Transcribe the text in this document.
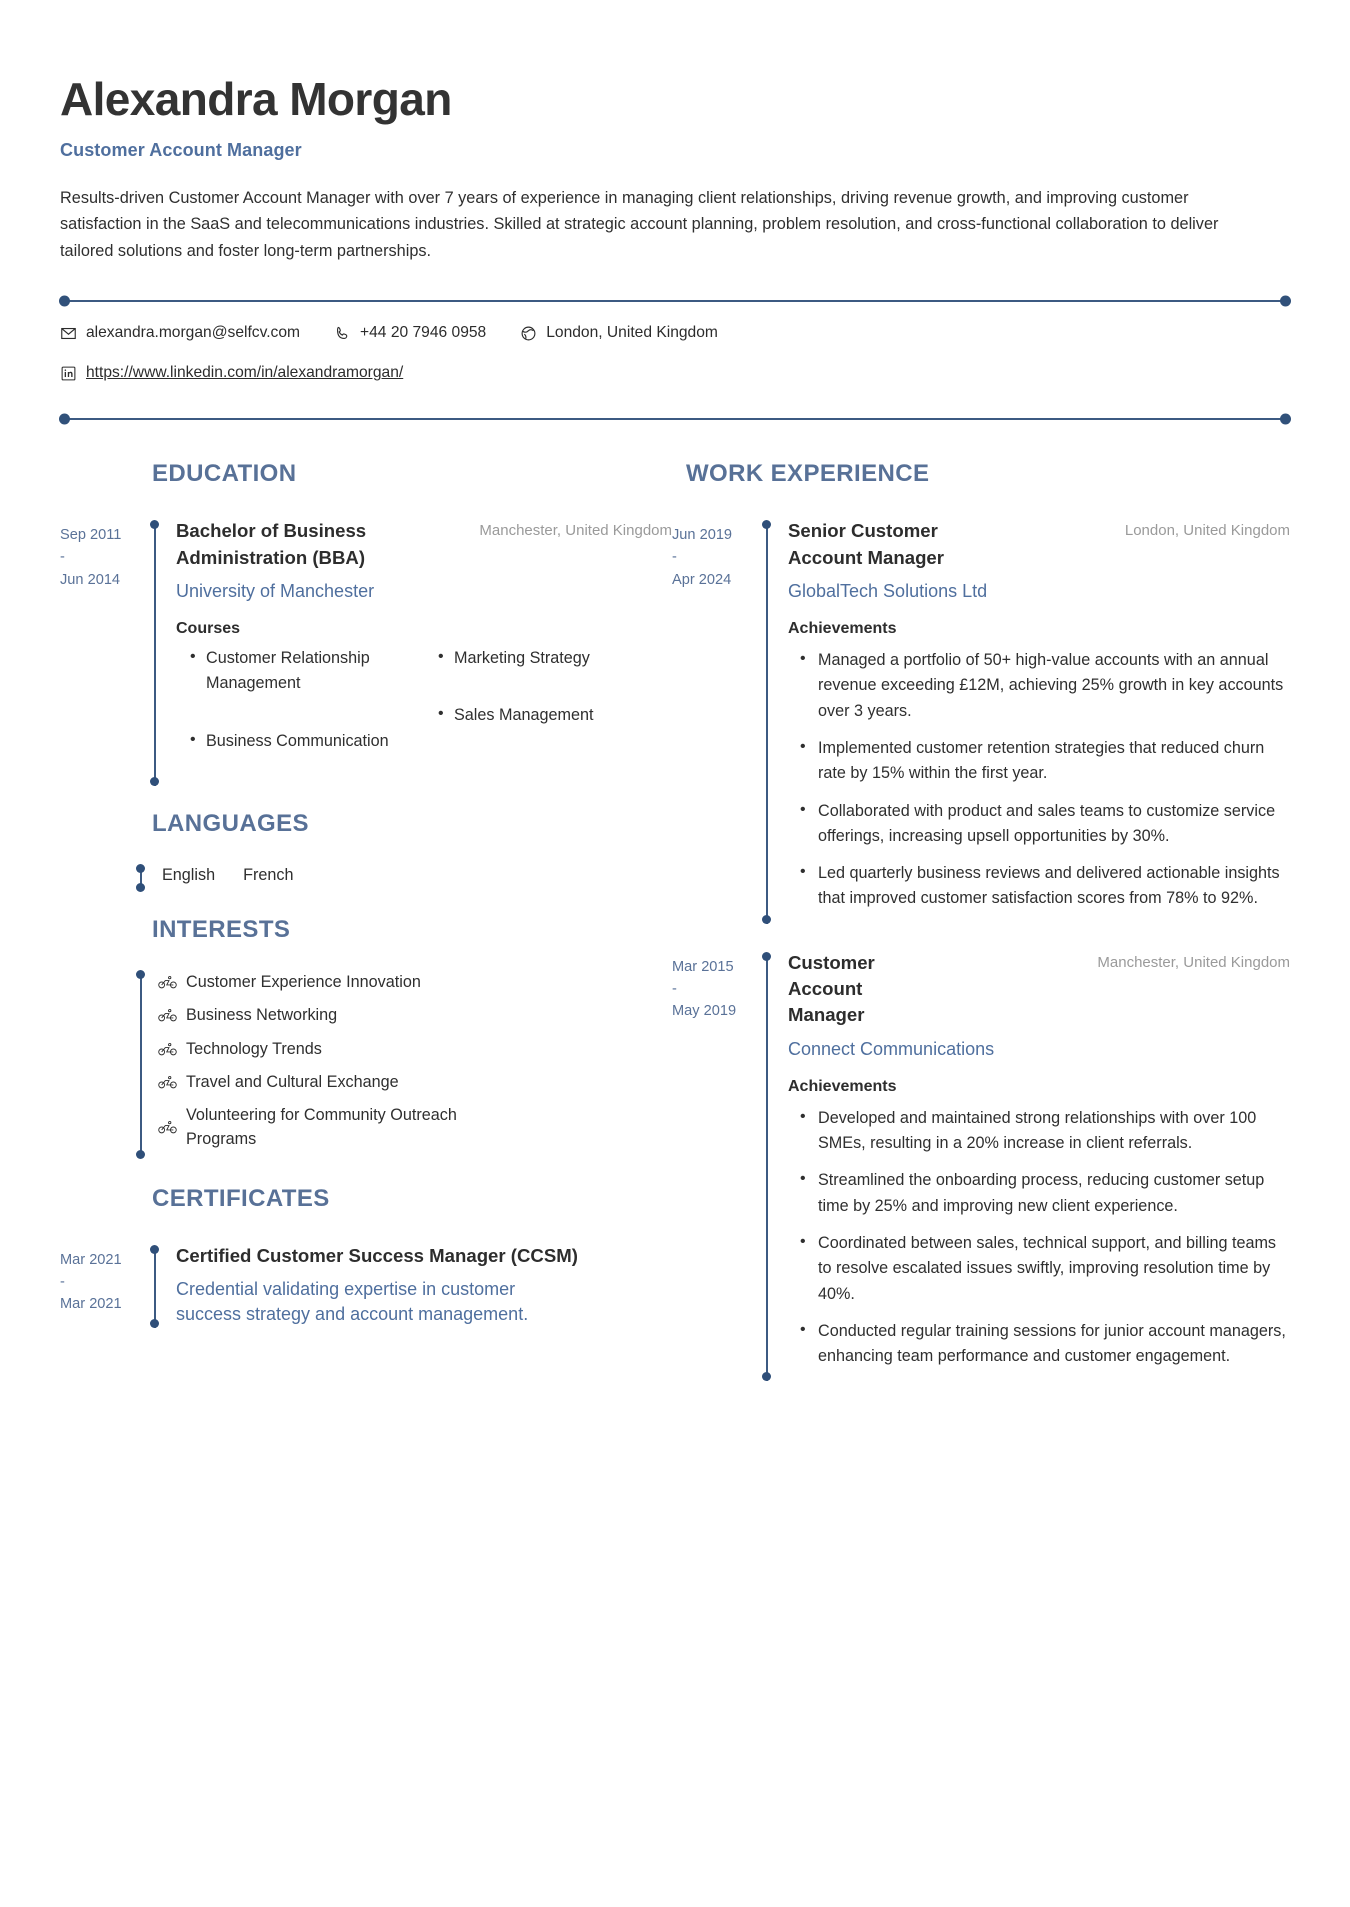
Alexandra Morgan
Customer Account Manager

Results-driven Customer Account Manager with over 7 years of experience in managing client relationships, driving revenue growth, and improving customer satisfaction in the SaaS and telecommunications industries. Skilled at strategic account planning, problem resolution, and cross-functional collaboration to deliver tailored solutions and foster long-term partnerships.

alexandra.morgan@selfcv.com	+44 20 7946 0958	London, United Kingdom
https://www.linkedin.com/in/alexandramorgan/
EDUCATION
Sep 2011
-
Jun 2014
Bachelor of Business Administration (BBA)
Manchester, United Kingdom
University of Manchester
Courses
• Customer Relationship Management
• Business Communication
• Marketing Strategy
• Sales Management
LANGUAGES
English French
INTERESTS
Customer Experience Innovation
Business Networking
Technology Trends
Travel and Cultural Exchange
Volunteering for Community Outreach Programs
CERTIFICATES
Mar 2021
-
Mar 2021
Certified Customer Success Manager (CCSM)
Credential validating expertise in customer success strategy and account management.
WORK EXPERIENCE
Jun 2019
-
Apr 2024
Senior Customer Account Manager
London, United Kingdom
GlobalTech Solutions Ltd
Achievements
• Managed a portfolio of 50+ high-value accounts with an annual revenue exceeding £12M, achieving 25% growth in key accounts over 3 years.
• Implemented customer retention strategies that reduced churn rate by 15% within the first year.
• Collaborated with product and sales teams to customize service offerings, increasing upsell opportunities by 30%.
• Led quarterly business reviews and delivered actionable insights that improved customer satisfaction scores from 78% to 92%.
Mar 2015
-
May 2019
Customer Account Manager
Manchester, United Kingdom
Connect Communications
Achievements
• Developed and maintained strong relationships with over 100 SMEs, resulting in a 20% increase in client referrals.
• Streamlined the onboarding process, reducing customer setup time by 25% and improving new client experience.
• Coordinated between sales, technical support, and billing teams to resolve escalated issues swiftly, improving resolution time by 40%.
• Conducted regular training sessions for junior account managers, enhancing team performance and customer engagement.
